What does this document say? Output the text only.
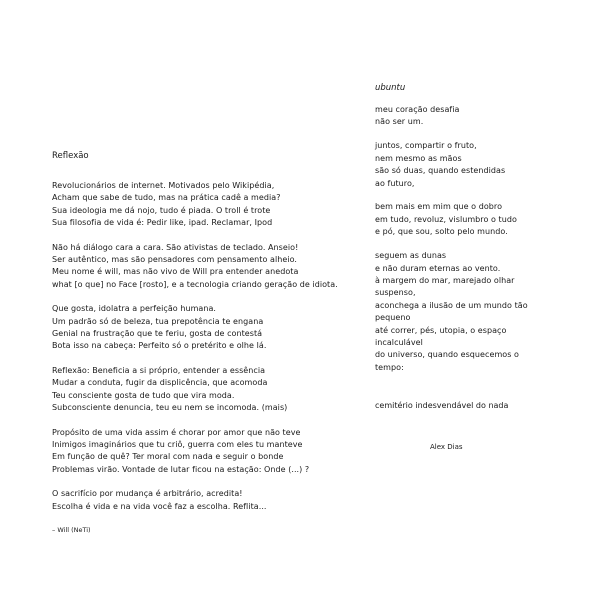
Reflexão
Revolucionários de internet. Motivados pelo Wikipédia,
Acham que sabe de tudo, mas na prática cadê a media?
Sua ideologia me dá nojo, tudo é piada. O troll é trote
Sua filosofia de vida é: Pedir like, ipad. Reclamar, Ipod
Não há diálogo cara a cara. São ativistas de teclado. Anseio!
Ser autêntico, mas são pensadores com pensamento alheio.
Meu nome é will, mas não vivo de Will pra entender anedota
what [o que] no Face [rosto], e a tecnologia criando geração de idiota.
Que gosta, idolatra a perfeição humana.
Um padrão só de beleza, tua prepotência te engana
Genial na frustração que te feriu, gosta de contestá
Bota isso na cabeça: Perfeito só o pretérito e olhe lá.
Reflexão: Beneficia a si próprio, entender a essência
Mudar a conduta, fugir da displicência, que acomoda
Teu consciente gosta de tudo que vira moda.
Subconsciente denuncia, teu eu nem se incomoda. (mais)
Propósito de uma vida assim é chorar por amor que não teve
Inimigos imaginários que tu criô, guerra com eles tu manteve
Em função de quê? Ter moral com nada e seguir o bonde
Problemas virão. Vontade de lutar ficou na estação: Onde (...) ?
O sacrifício por mudança é arbitrário, acredita!
Escolha é vida e na vida você faz a escolha. Reflita...
– Will (NeTi)
ubuntu
meu coração desafia
não ser um.
juntos, compartir o fruto,
nem mesmo as mãos
são só duas, quando estendidas
ao futuro,
bem mais em mim que o dobro
em tudo, revoluz, vislumbro o tudo
e pó, que sou, solto pelo mundo.
seguem as dunas
e não duram eternas ao vento.
à margem do mar, marejado olhar
suspenso,
aconchega a ilusão de um mundo tão
pequeno
até correr, pés, utopia, o espaço
incalculável
do universo, quando esquecemos o
tempo:
cemitério indesvendável do nada
Alex Dias
